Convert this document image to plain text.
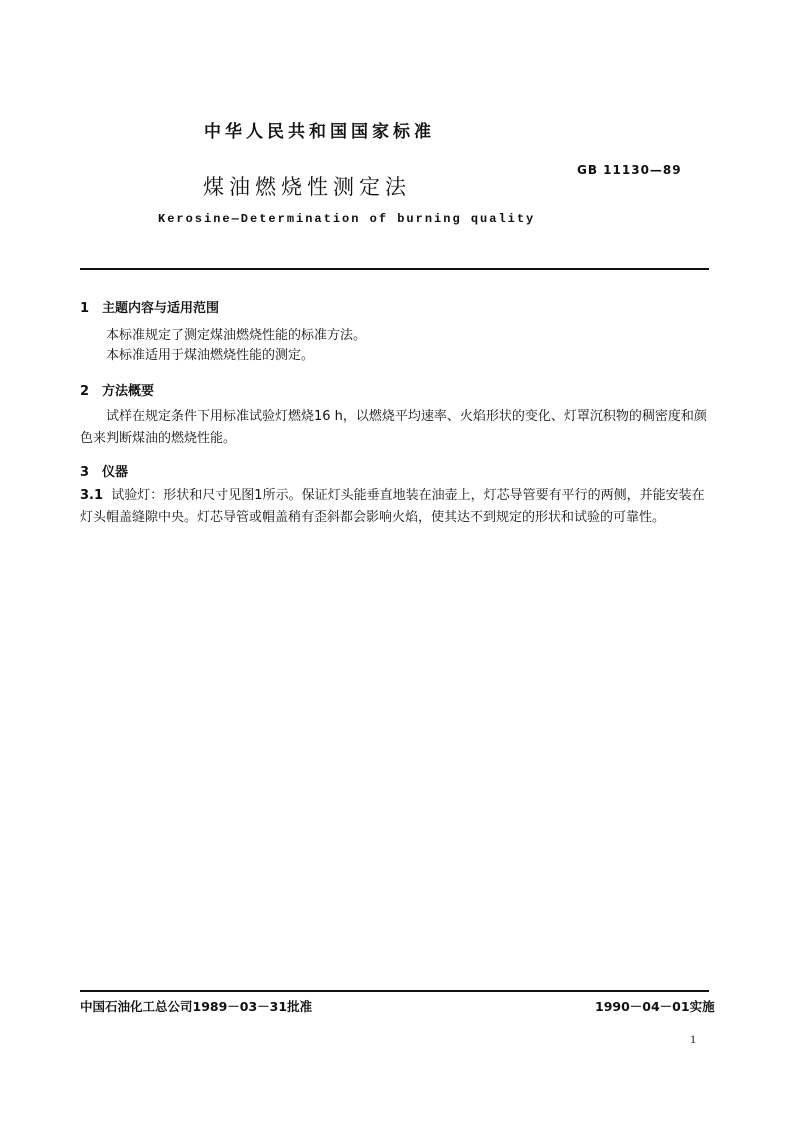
中华人民共和国国家标准
GB 11130—89
煤油燃烧性测定法
Kerosine—Determination of burning quality
1 主题内容与适用范围
本标准规定了测定煤油燃烧性能的标准方法。
本标准适用于煤油燃烧性能的测定。
2 方法概要
试样在规定条件下用标准试验灯燃烧16 h，以燃烧平均速率、火焰形状的变化、灯罩沉积物的稠密度和颜色来判断煤油的燃烧性能。
3 仪器
3.1 试验灯：形状和尺寸见图1所示。保证灯头能垂直地装在油壶上，灯芯导管要有平行的两侧，并能安装在灯头帽盖缝隙中央。灯芯导管或帽盖稍有歪斜都会影响火焰，使其达不到规定的形状和试验的可靠性。
中国石油化工总公司1989－03－31批准	1990－04－01实施
1
